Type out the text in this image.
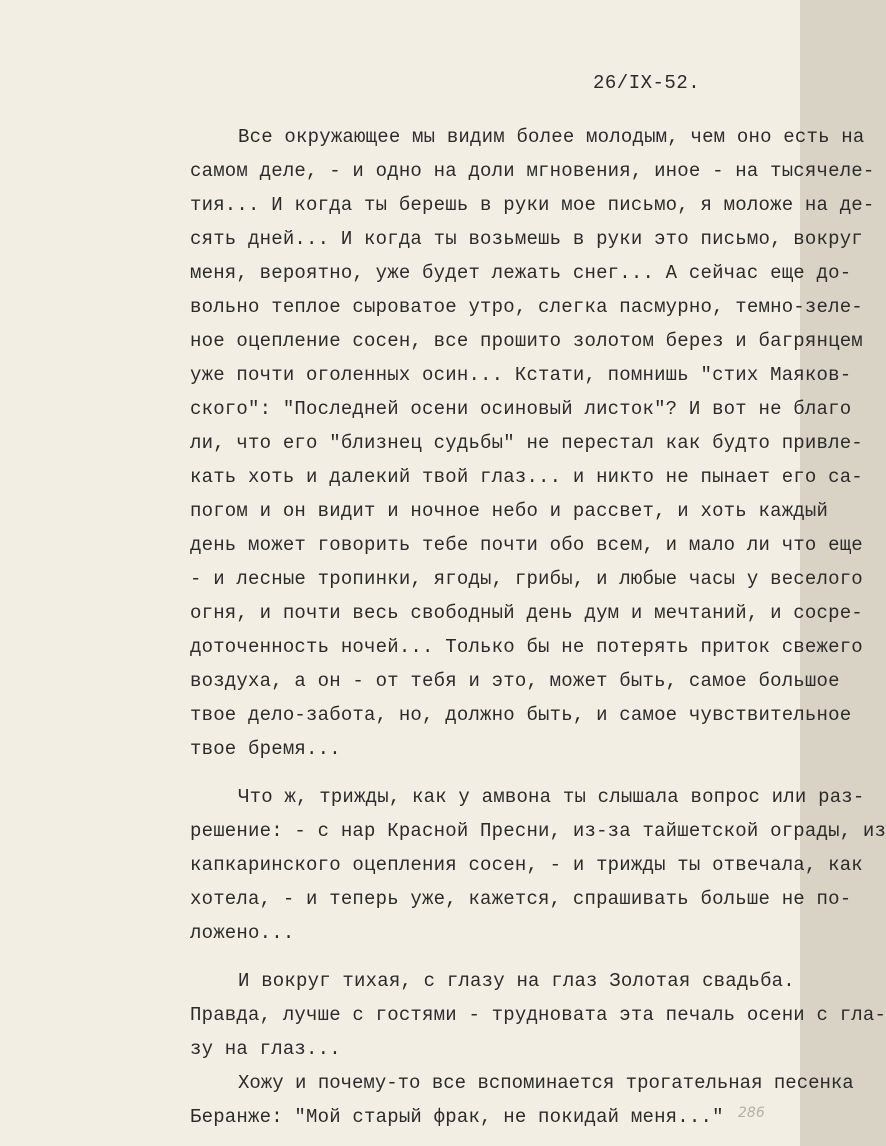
26/IX-52.
Все окружающее мы видим более молодым, чем оно есть на
самом деле, - и одно на доли мгновения, иное - на тысячеле-
тия... И когда ты берешь в руки мое письмо, я моложе на де-
сять дней... И когда ты возьмешь в руки это письмо, вокруг
меня, вероятно, уже будет лежать снег... А сейчас еще до-
вольно теплое сыроватое утро, слегка пасмурно, темно-зеле-
ное оцепление сосен, все прошито золотом берез и багрянцем
уже почти оголенных осин... Кстати, помнишь "стих Маяков-
ского": "Последней осени осиновый листок"? И вот не благо
ли, что его "близнец судьбы" не перестал как будто привле-
кать хоть и далекий твой глаз... и никто не пынает его са-
погом и он видит и ночное небо и рассвет, и хоть каждый
день может говорить тебе почти обо всем, и мало ли что еще
- и лесные тропинки, ягоды, грибы, и любые часы у веселого
огня, и почти весь свободный день дум и мечтаний, и сосре-
доточенность ночей... Только бы не потерять приток свежего
воздуха, а он - от тебя и это, может быть, самое большое
твое дело-забота, но, должно быть, и самое чувствительное
твое бремя...
Что ж, трижды, как у амвона ты слышала вопрос или раз-
решение: - с нар Красной Пресни, из-за тайшетской ограды, из
капкаринского оцепления сосен, - и трижды ты отвечала, как
хотела, - и теперь уже, кажется, спрашивать больше не по-
ложено...
И вокруг тихая, с глазу на глаз Золотая свадьба.
Правда, лучше с гостями - трудновата эта печаль осени с гла-
зу на глаз...
Хожу и почему-то все вспоминается трогательная песенка
Беранже: "Мой старый фрак, не покидай меня..." 286
